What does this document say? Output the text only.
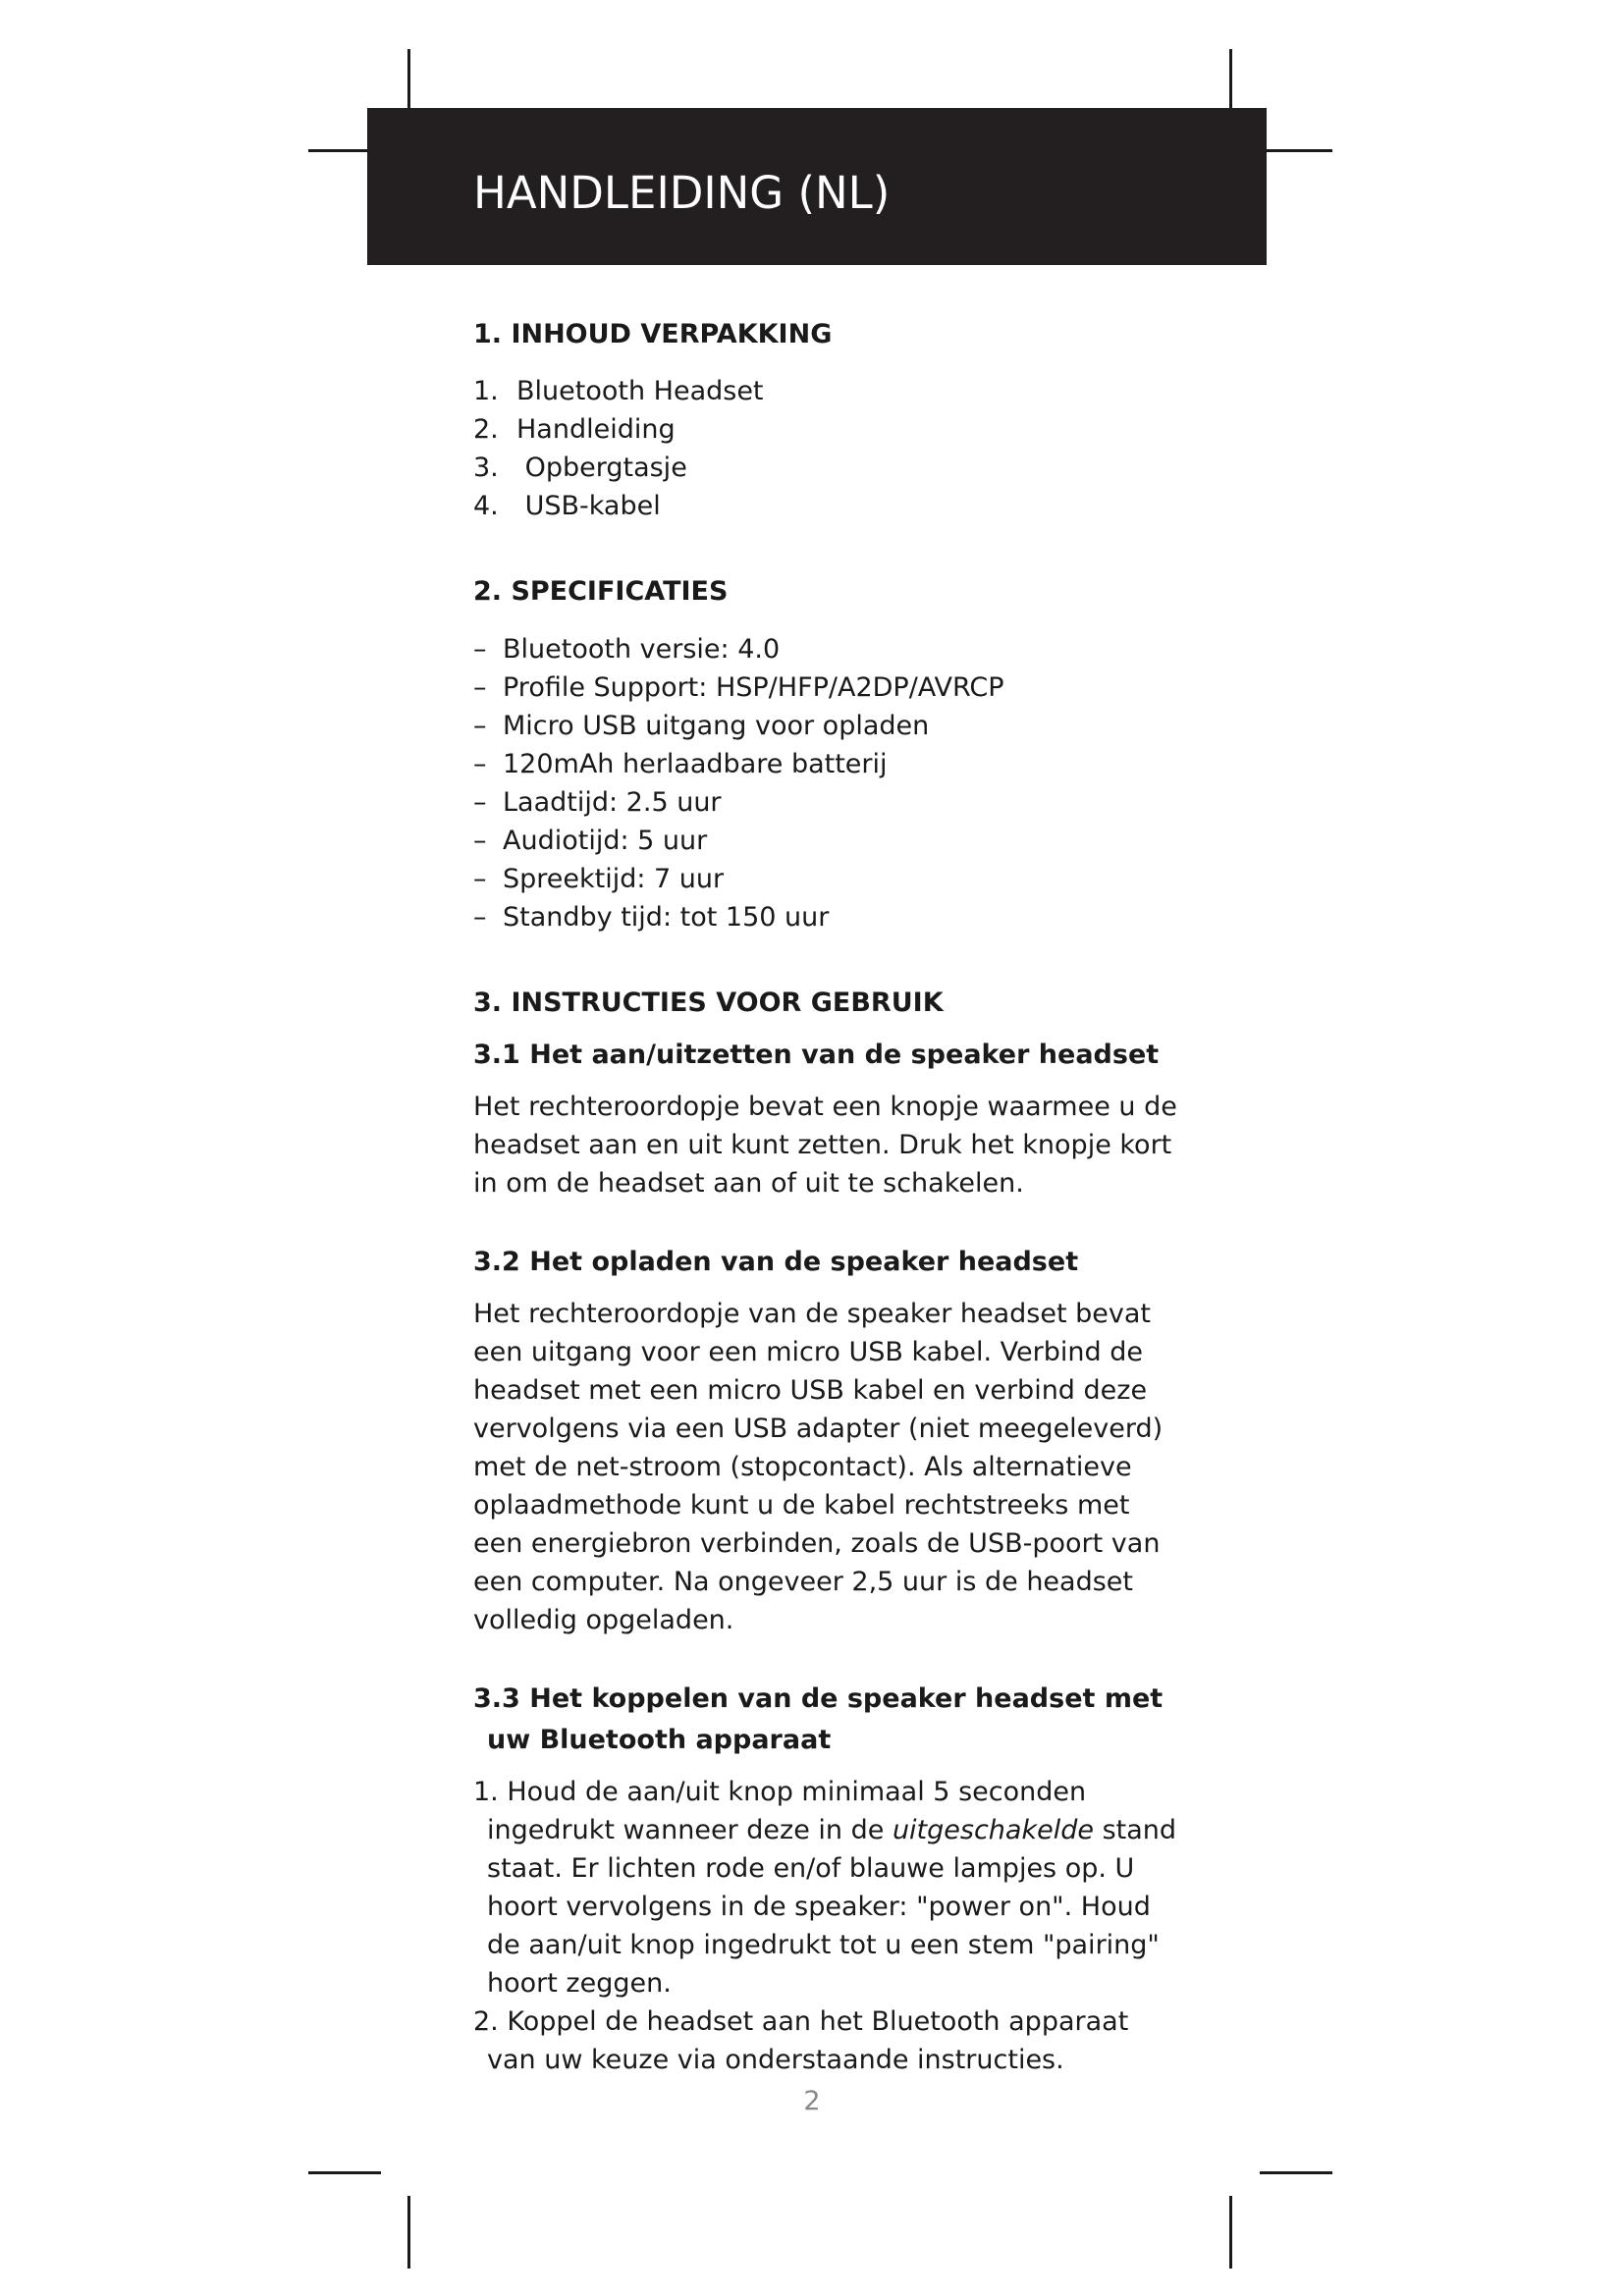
HANDLEIDING (NL)
1. INHOUD VERPAKKING
1. Bluetooth Headset
2. Handleiding
3. Opbergtasje
4. USB-kabel
2. SPECIFICATIES
– Bluetooth versie: 4.0
– Profile Support: HSP/HFP/A2DP/AVRCP
– Micro USB uitgang voor opladen
– 120mAh herlaadbare batterij
– Laadtijd: 2.5 uur
– Audiotijd: 5 uur
– Spreektijd: 7 uur
– Standby tijd: tot 150 uur
3. INSTRUCTIES VOOR GEBRUIK
3.1 Het aan/uitzetten van de speaker headset

Het rechteroordopje bevat een knopje waarmee u de headset aan en uit kunt zetten. Druk het knopje kort in om de headset aan of uit te schakelen.

3.2 Het opladen van de speaker headset

Het rechteroordopje van de speaker headset bevat een uitgang voor een micro USB kabel. Verbind de headset met een micro USB kabel en verbind deze vervolgens via een USB adapter (niet meegeleverd) met de net-stroom (stopcontact). Als alternatieve oplaadmethode kunt u de kabel rechtstreeks met een energiebron verbinden, zoals de USB-poort van een computer. Na ongeveer 2,5 uur is de headset volledig opgeladen.

3.3 Het koppelen van de speaker headset met
uw Bluetooth apparaat
1. Houd de aan/uit knop minimaal 5 seconden ingedrukt wanneer deze in de uitgeschakelde stand staat. Er lichten rode en/of blauwe lampjes op. U hoort vervolgens in de speaker: "power on". Houd de aan/uit knop ingedrukt tot u een stem "pairing" hoort zeggen.
2. Koppel de headset aan het Bluetooth apparaat van uw keuze via onderstaande instructies.
2
